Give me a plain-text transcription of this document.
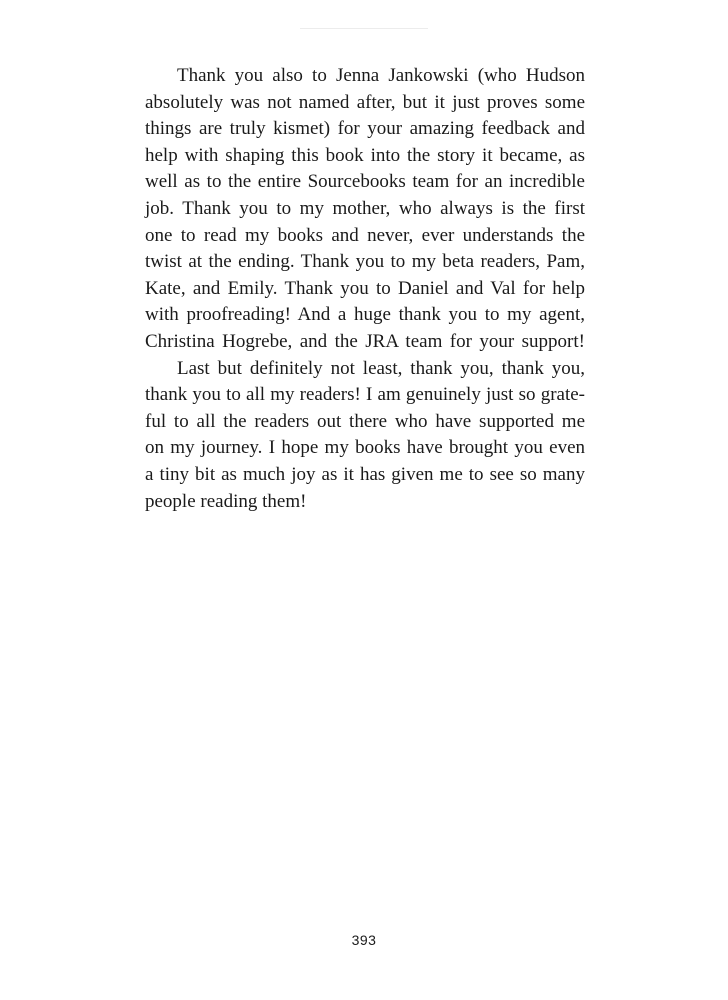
Thank you also to Jenna Jankowski (who Hudson
absolutely was not named after, but it just proves some
things are truly kismet) for your amazing feedback and
help with shaping this book into the story it became, as
well as to the entire Sourcebooks team for an incredible
job. Thank you to my mother, who always is the first
one to read my books and never, ever understands the
twist at the ending. Thank you to my beta readers, Pam,
Kate, and Emily. Thank you to Daniel and Val for help
with proofreading! And a huge thank you to my agent,
Christina Hogrebe, and the JRA team for your support!
Last but definitely not least, thank you, thank you,
thank you to all my readers! I am genuinely just so grate-
ful to all the readers out there who have supported me
on my journey. I hope my books have brought you even
a tiny bit as much joy as it has given me to see so many
people reading them!
393
